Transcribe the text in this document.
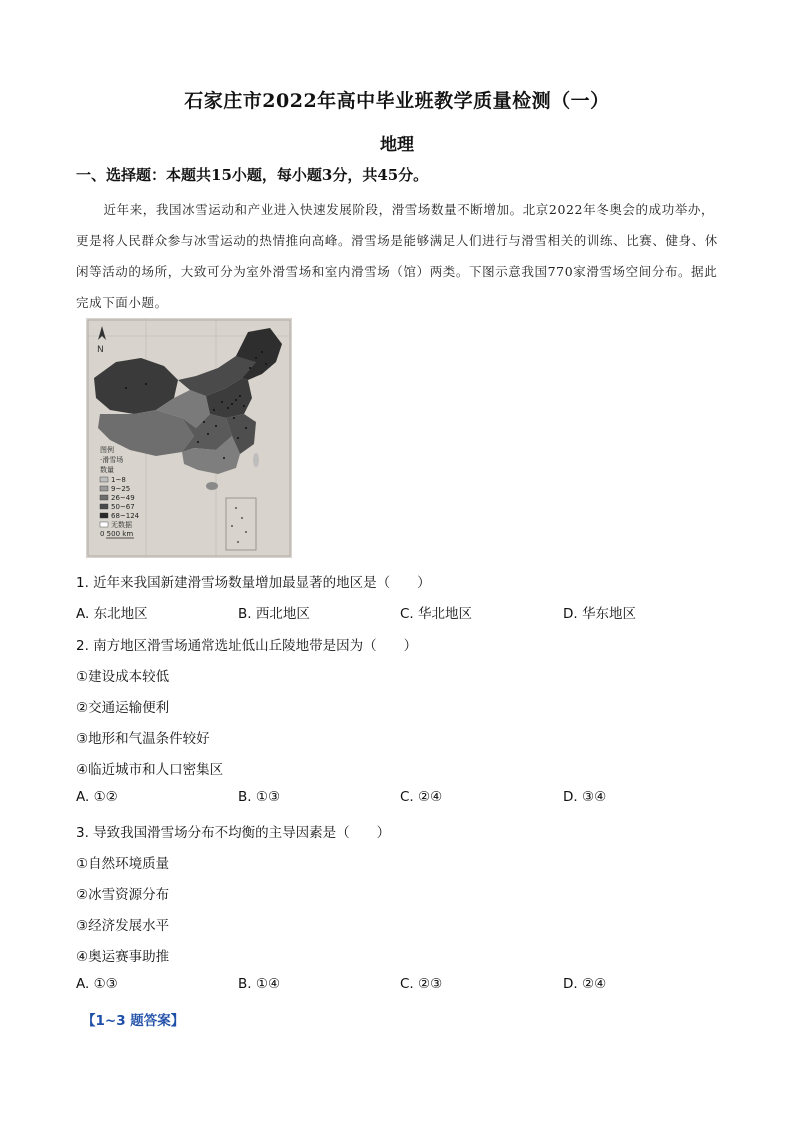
石家庄市2022年高中毕业班教学质量检测（一）
地理
一、选择题：本题共15小题，每小题3分，共45分。
近年来，我国冰雪运动和产业进入快速发展阶段，滑雪场数量不断增加。北京2022年冬奥会的成功举办，更是将人民群众参与冰雪运动的热情推向高峰。滑雪场是能够满足人们进行与滑雪相关的训练、比赛、健身、休闲等活动的场所，大致可分为室外滑雪场和室内滑雪场（馆）两类。下图示意我国770家滑雪场空间分布。据此完成下面小题。
N
图例
·滑雪场
数量
1~8
9~25
26~49
50~67
68~124
无数据
0 500 km
1. 近年来我国新建滑雪场数量增加最显著的地区是（　　）
A. 东北地区	B. 西北地区	C. 华北地区	D. 华东地区
2. 南方地区滑雪场通常选址低山丘陵地带是因为（　　）
①建设成本较低
②交通运输便利
③地形和气温条件较好
④临近城市和人口密集区
A. ①②	B. ①③	C. ②④	D. ③④
3. 导致我国滑雪场分布不均衡的主导因素是（　　）
①自然环境质量
②冰雪资源分布
③经济发展水平
④奥运赛事助推
A. ①③	B. ①④	C. ②③	D. ②④
【1~3 题答案】
